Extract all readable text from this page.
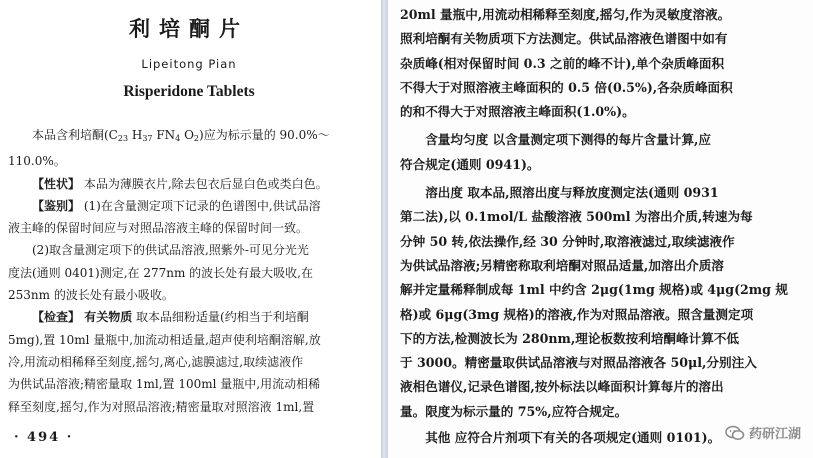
利培酮片
Lipeitong Pian
Risperidone Tablets

本品含利培酮($C_{23}$ $H_{37}$ $FN_4$ $O_2$)应为标示量的 90.0%～

110.0%。

【性状】 本品为薄膜衣片,除去包衣后显白色或类白色。

【鉴别】 (1)在含量测定项下记录的色谱图中,供试品溶

液主峰的保留时间应与对照品溶液主峰的保留时间一致。

(2)取含量测定项下的供试品溶液,照紫外-可见分光光

度法(通则 0401)测定,在 277nm 的波长处有最大吸收,在

253nm 的波长处有最小吸收。

【检查】 有关物质 取本品细粉适量(约相当于利培酮

5mg),置 10ml 量瓶中,加流动相适量,超声使利培酮溶解,放

冷,用流动相稀释至刻度,摇匀,离心,滤膜滤过,取续滤液作

为供试品溶液;精密量取 1ml,置 100ml 量瓶中,用流动相稀

释至刻度,摇匀,作为对照品溶液;精密量取对照溶液 1ml,置

· 494 ·

20ml 量瓶中,用流动相稀释至刻度,摇匀,作为灵敏度溶液。

照利培酮有关物质项下方法测定。供试品溶液色谱图中如有

杂质峰(相对保留时间 0.3 之前的峰不计),单个杂质峰面积

不得大于对照溶液主峰面积的 0.5 倍(0.5%),各杂质峰面积

的和不得大于对照溶液主峰面积(1.0%)。

含量均匀度 以含量测定项下测得的每片含量计算,应

符合规定(通则 0941)。

溶出度 取本品,照溶出度与释放度测定法(通则 0931

第二法),以 0.1mol/L 盐酸溶液 500ml 为溶出介质,转速为每

分钟 50 转,依法操作,经 30 分钟时,取溶液滤过,取续滤液作

为供试品溶液;另精密称取利培酮对照品适量,加溶出介质溶

解并定量稀释制成每 1ml 中约含 2μg(1mg 规格)或 4μg(2mg 规

格)或 6μg(3mg 规格)的溶液,作为对照品溶液。照含量测定项

下的方法,检测波长为 280nm,理论板数按利培酮峰计算不低

于 3000。精密量取供试品溶液与对照品溶液各 50μl,分别注入

液相色谱仪,记录色谱图,按外标法以峰面积计算每片的溶出

量。限度为标示量的 75%,应符合规定。

其他 应符合片剂项下有关的各项规定(通则 0101)。	药研江湖
